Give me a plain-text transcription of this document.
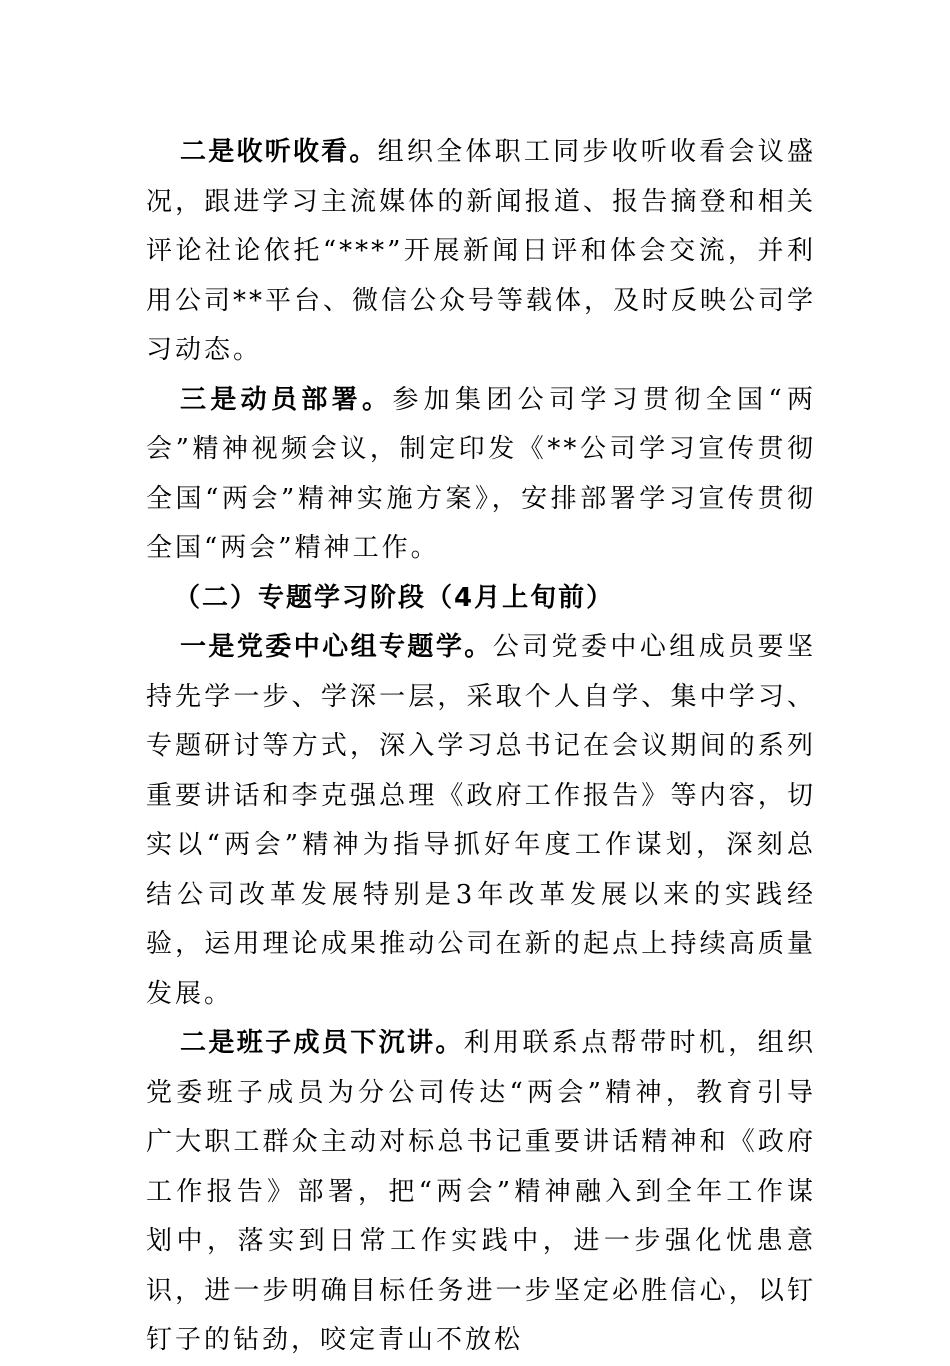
二是收听收看。组织全体职工同步收听收看会议盛况，跟进学习主流媒体的新闻报道、报告摘登和相关评论社论依托“***”开展新闻日评和体会交流，并利用公司**平台、微信公众号等载体，及时反映公司学习动态。

三是动员部署。参加集团公司学习贯彻全国“两会”精神视频会议，制定印发《**公司学习宣传贯彻全国“两会”精神实施方案》，安排部署学习宣传贯彻全国“两会”精神工作。

（二）专题学习阶段（4月上旬前）

一是党委中心组专题学。公司党委中心组成员要坚持先学一步、学深一层，采取个人自学、集中学习、专题研讨等方式，深入学习总书记在会议期间的系列重要讲话和李克强总理《政府工作报告》等内容，切实以“两会”精神为指导抓好年度工作谋划，深刻总结公司改革发展特别是3年改革发展以来的实践经验，运用理论成果推动公司在新的起点上持续高质量发展。

二是班子成员下沉讲。利用联系点帮带时机，组织党委班子成员为分公司传达“两会”精神，教育引导广大职工群众主动对标总书记重要讲话精神和《政府工作报告》部署，把“两会”精神融入到全年工作谋划中，落实到日常工作实践中，进一步强化忧患意识，进一步明确目标任务进一步坚定必胜信心，以钉钉子的钻劲，咬定青山不放松
